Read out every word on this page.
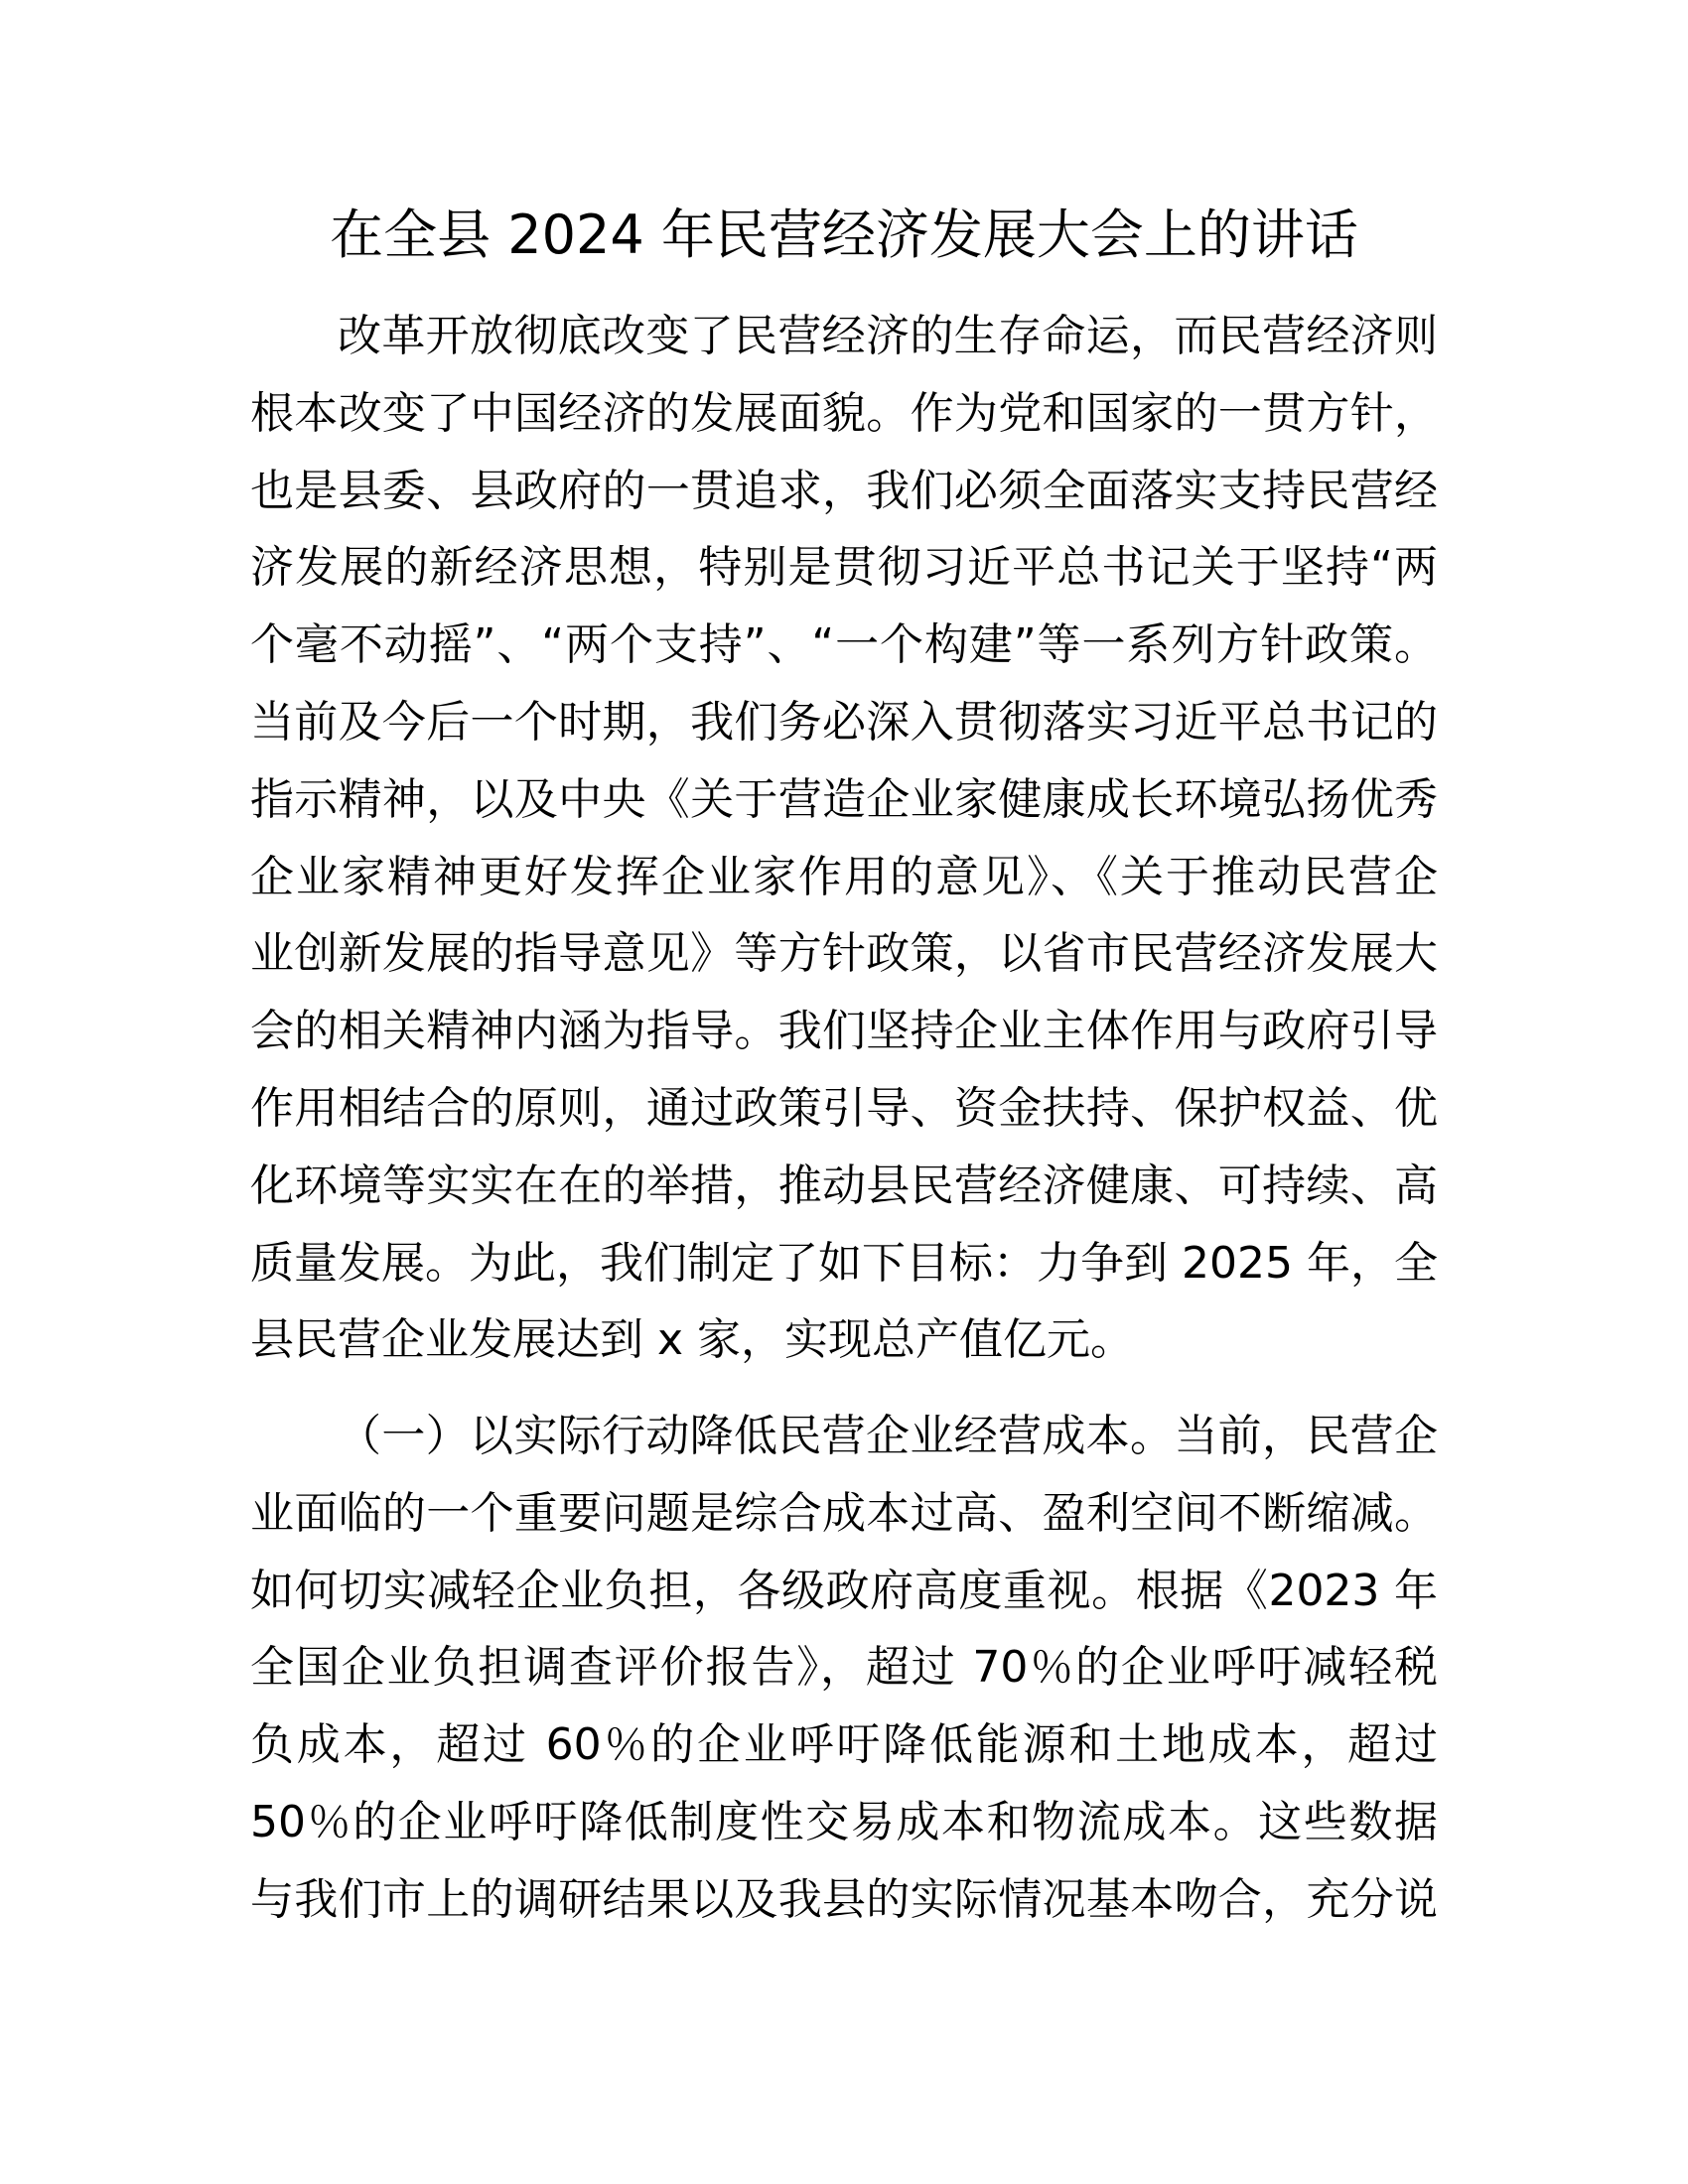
在全县 2024 年民营经济发展大会上的讲话
改革开放彻底改变了民营经济的生存命运，而民营经济则
根本改变了中国经济的发展面貌。作为党和国家的一贯方针，
也是县委、县政府的一贯追求，我们必须全面落实支持民营经
济发展的新经济思想，特别是贯彻习近平总书记关于坚持“两
个毫不动摇”、“两个支持”、“一个构建”等一系列方针政策。
当前及今后一个时期，我们务必深入贯彻落实习近平总书记的
指示精神，以及中央《关于营造企业家健康成长环境弘扬优秀
企业家精神更好发挥企业家作用的意见》、《关于推动民营企
业创新发展的指导意见》等方针政策，以省市民营经济发展大
会的相关精神内涵为指导。我们坚持企业主体作用与政府引导
作用相结合的原则，通过政策引导、资金扶持、保护权益、优
化环境等实实在在的举措，推动县民营经济健康、可持续、高
质量发展。为此，我们制定了如下目标：力争到 2025 年，全
县民营企业发展达到 x 家，实现总产值亿元。
（一）以实际行动降低民营企业经营成本。当前，民营企
业面临的一个重要问题是综合成本过高、盈利空间不断缩减。
如何切实减轻企业负担，各级政府高度重视。根据《2023 年
全国企业负担调查评价报告》，超过 70％的企业呼吁减轻税
负成本，超过 60％的企业呼吁降低能源和土地成本，超过
50％的企业呼吁降低制度性交易成本和物流成本。这些数据
与我们市上的调研结果以及我县的实际情况基本吻合，充分说
